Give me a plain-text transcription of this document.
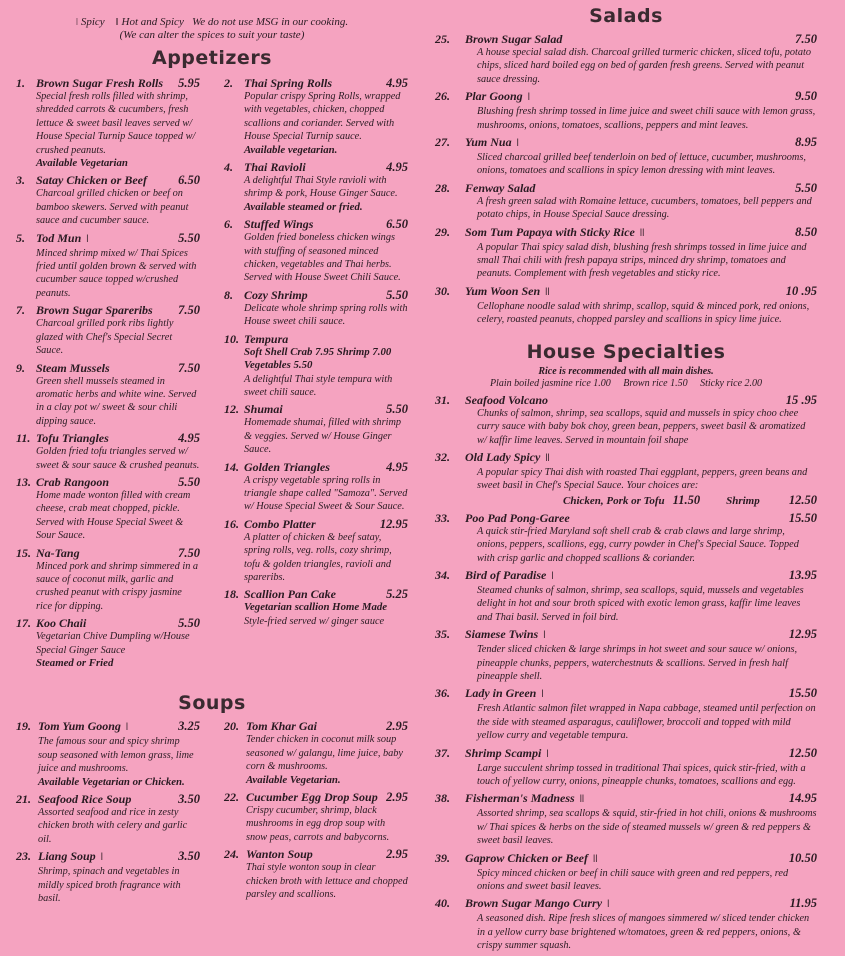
ǀ Spicy ǁ Hot and Spicy We do not use MSG in our cooking.
(We can alter the spices to suit your taste)
Appetizers
1. Brown Sugar Fresh Rolls	5.95
Special fresh rolls filled with shrimp, shredded carrots & cucumbers, fresh lettuce & sweet basil leaves served w/ House Special Turnip Sauce topped w/ crushed peanuts.
Available Vegetarian
3. Satay Chicken or Beef	6.50
Charcoal grilled chicken or beef on bamboo skewers. Served with peanut sauce and cucumber sauce.
5. Tod Mun ǀ	5.50
Minced shrimp mixed w/ Thai Spices fried until golden brown & served with cucumber sauce topped w/crushed peanuts.
7. Brown Sugar Spareribs	7.50
Charcoal grilled pork ribs lightly glazed with Chef's Special Secret Sauce.
9. Steam Mussels	7.50
Green shell mussels steamed in aromatic herbs and white wine. Served in a clay pot w/ sweet & sour chili dipping sauce.
11. Tofu Triangles	4.95
Golden fried tofu triangles served w/ sweet & sour sauce & crushed peanuts.
13. Crab Rangoon	5.50
Home made wonton filled with cream cheese, crab meat chopped, pickle. Served with House Special Sweet & Sour Sauce.
15. Na-Tang	7.50
Minced pork and shrimp simmered in a sauce of coconut milk, garlic and crushed peanut with crispy jasmine rice for dipping.
17. Koo Chaii	5.50
Vegetarian Chive Dumpling w/House Special Ginger Sauce
Steamed or Fried
2. Thai Spring Rolls	4.95
Popular crispy Spring Rolls, wrapped with vegetables, chicken, chopped scallions and coriander. Served with House Special Turnip sauce.
Available vegetarian.
4. Thai Ravioli	4.95
A delightful Thai Style ravioli with shrimp & pork, House Ginger Sauce.
Available steamed or fried.
6. Stuffed Wings	6.50
Golden fried boneless chicken wings with stuffing of seasoned minced chicken, vegetables and Thai herbs. Served with House Sweet Chili Sauce.
8. Cozy Shrimp	5.50
Delicate whole shrimp spring rolls with House sweet chili sauce.
10. Tempura
Soft Shell Crab 7.95 Shrimp 7.00
Vegetables 5.50
A delightful Thai style tempura with sweet chili sauce.
12. Shumai	5.50
Homemade shumai, filled with shrimp & veggies. Served w/ House Ginger Sauce.
14. Golden Triangles	4.95
A crispy vegetable spring rolls in triangle shape called "Samoza". Served w/ House Special Sweet & Sour Sauce.
16. Combo Platter	12.95
A platter of chicken & beef satay, spring rolls, veg. rolls, cozy shrimp, tofu & golden triangles, ravioli and spareribs.
18. Scallion Pan Cake	5.25
Vegetarian scallion Home Made
Style-fried served w/ ginger sauce
Soups
19. Tom Yum Goong ǀ	3.25
The famous sour and spicy shrimp soup seasoned with lemon grass, lime juice and mushrooms.
Available Vegetarian or Chicken.
21. Seafood Rice Soup	3.50
Assorted seafood and rice in zesty chicken broth with celery and garlic oil.
23. Liang Soup ǀ	3.50
Shrimp, spinach and vegetables in mildly spiced broth fragrance with basil.
20. Tom Khar Gai	2.95
Tender chicken in coconut milk soup seasoned w/ galangu, lime juice, baby corn & mushrooms.
Available Vegetarian.
22. Cucumber Egg Drop Soup 2.95
Crispy cucumber, shrimp, black mushrooms in egg drop soup with snow peas, carrots and babycorns.
24. Wanton Soup	2.95
Thai style wonton soup in clear chicken broth with lettuce and chopped parsley and scallions.
Salads
25.	Brown Sugar Salad	7.50
A house special salad dish. Charcoal grilled turmeric chicken, sliced tofu, potato chips, sliced hard boiled egg on bed of garden fresh greens. Served with peanut sauce dressing.
26.	Plar Goong ǀ	9.50
Blushing fresh shrimp tossed in lime juice and sweet chili sauce with lemon grass, mushrooms, onions, tomatoes, scallions, peppers and mint leaves.
27.	Yum Nua ǀ	8.95
Sliced charcoal grilled beef tenderloin on bed of lettuce, cucumber, mushrooms, onions, tomatoes and scallions in spicy lemon dressing with mint leaves.
28.	Fenway Salad	5.50
A fresh green salad with Romaine lettuce, cucumbers, tomatoes, bell peppers and potato chips, in House Special Sauce dressing.
29.	Som Tum Papaya with Sticky Rice ǀǀ	8.50
A popular Thai spicy salad dish, blushing fresh shrimps tossed in lime juice and small Thai chili with fresh papaya strips, minced dry shrimp, tomatoes and peanuts. Complement with fresh vegetables and sticky rice.
30.	Yum Woon Sen ǀǀ	10 .95
Cellophane noodle salad with shrimp, scallop, squid & minced pork, red onions, celery, roasted peanuts, chopped parsley and scallions in spicy lime juice.
House Specialties
Rice is recommended with all main dishes.
Plain boiled jasmine rice 1.00     Brown rice 1.50     Sticky rice 2.00
31.	Seafood Volcano	15 .95
Chunks of salmon, shrimp, sea scallops, squid and mussels in spicy choo chee curry sauce with baby bok choy, green bean, peppers, sweet basil & aromatized w/ kaffir lime leaves. Served in mountain foil shape
32.	Old Lady Spicy ǀǀ
A popular spicy Thai dish with roasted Thai eggplant, peppers, green beans and sweet basil in Chef's Special Sauce. Your choices are:
Chicken, Pork or Tofu 11.50 Shrimp 12.50
33.	Poo Pad Pong-Garee	15.50
A quick stir-fried Maryland soft shell crab & crab claws and large shrimp, onions, peppers, scallions, egg, curry powder in Chef's Special Sauce. Topped with crisp garlic and chopped scallions & coriander.
34.	Bird of Paradise ǀ	13.95
Steamed chunks of salmon, shrimp, sea scallops, squid, mussels and vegetables delight in hot and sour broth spiced with exotic lemon grass, kaffir lime leaves and Thai basil. Served in foil bird.
35.	Siamese Twins ǀ	12.95
Tender sliced chicken & large shrimps in hot sweet and sour sauce w/ onions, pineapple chunks, peppers, waterchestnuts & scallions. Served in fresh half pineapple shell.
36.	Lady in Green ǀ	15.50
Fresh Atlantic salmon filet wrapped in Napa cabbage, steamed until perfection on the side with steamed asparagus, cauliflower, broccoli and topped with mild yellow curry and vegetable tempura.
37.	Shrimp Scampi ǀ	12.50
Large succulent shrimp tossed in traditional Thai spices, quick stir-fried, with a touch of yellow curry, onions, pineapple chunks, tomatoes, scallions and egg.
38.	Fisherman's Madness ǀǀ	14.95
Assorted shrimp, sea scallops & squid, stir-fried in hot chili, onions & mushrooms w/ Thai spices & herbs on the side of steamed mussels w/ green & red peppers & sweet basil leaves.
39.	Gaprow Chicken or Beef ǀǀ	10.50
Spicy minced chicken or beef in chili sauce with green and red peppers, red onions and sweet basil leaves.
40.	Brown Sugar Mango Curry ǀ	11.95
A seasoned dish. Ripe fresh slices of mangoes simmered w/ sliced tender chicken in a yellow curry base brightened w/tomatoes, green & red peppers, onions, & crispy summer squash.
